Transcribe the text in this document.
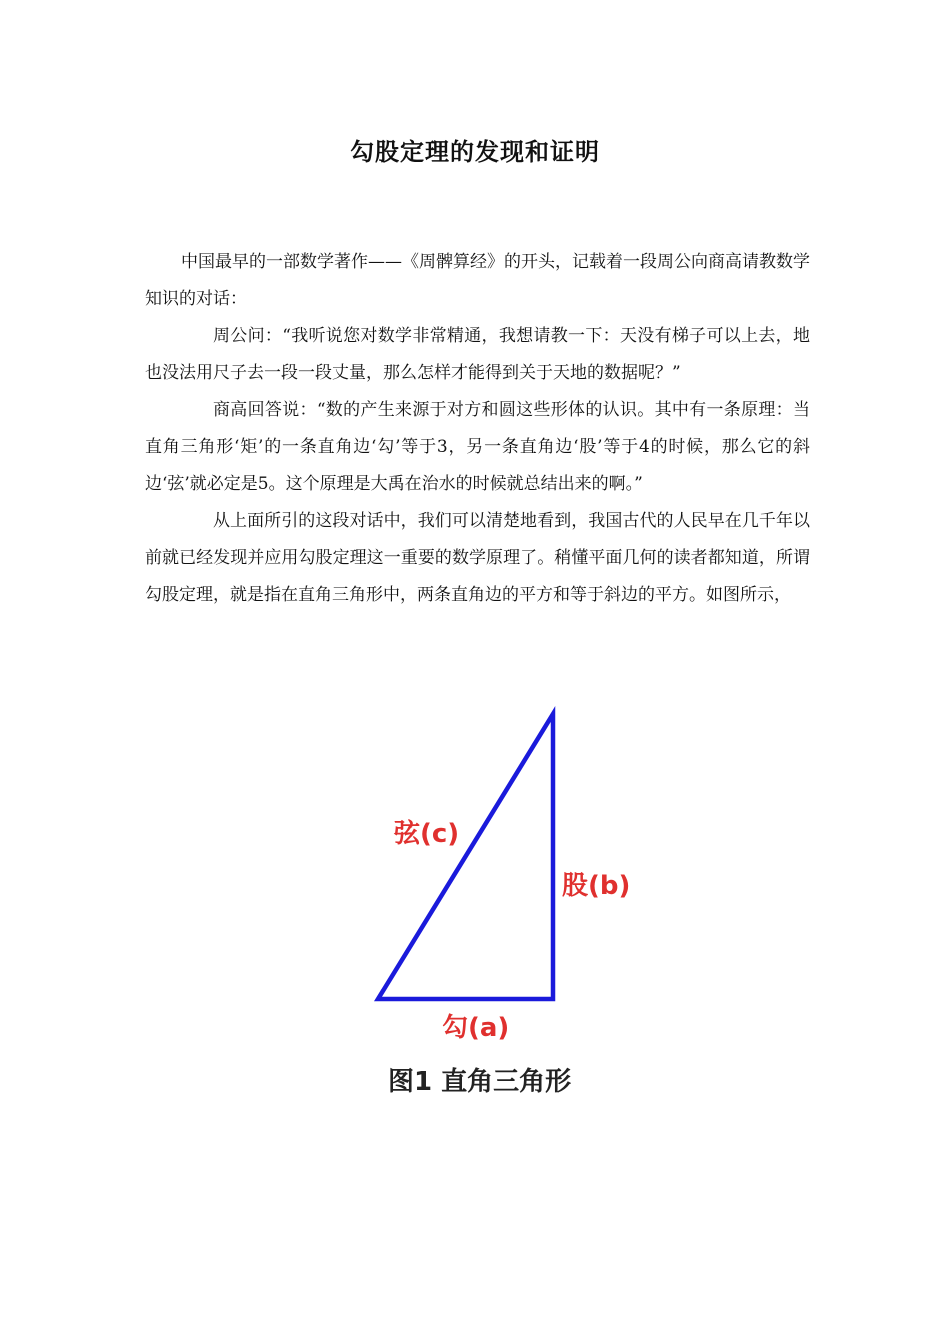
勾股定理的发现和证明

中国最早的一部数学著作——《周髀算经》的开头，记载着一段周公向商高请教数学知识的对话：

周公问：“我听说您对数学非常精通，我想请教一下：天没有梯子可以上去，地也没法用尺子去一段一段丈量，那么怎样才能得到关于天地的数据呢？”

商高回答说：“数的产生来源于对方和圆这些形体的认识。其中有一条原理：当直角三角形‘矩’的一条直角边‘勾’等于3，另一条直角边‘股’等于4的时候，那么它的斜边‘弦’就必定是5。这个原理是大禹在治水的时候就总结出来的啊。”

从上面所引的这段对话中，我们可以清楚地看到，我国古代的人民早在几千年以前就已经发现并应用勾股定理这一重要的数学原理了。稍懂平面几何的读者都知道，所谓勾股定理，就是指在直角三角形中，两条直角边的平方和等于斜边的平方。如图所示，

弦(c)
股(b)
勾(a)
图1 直角三角形
